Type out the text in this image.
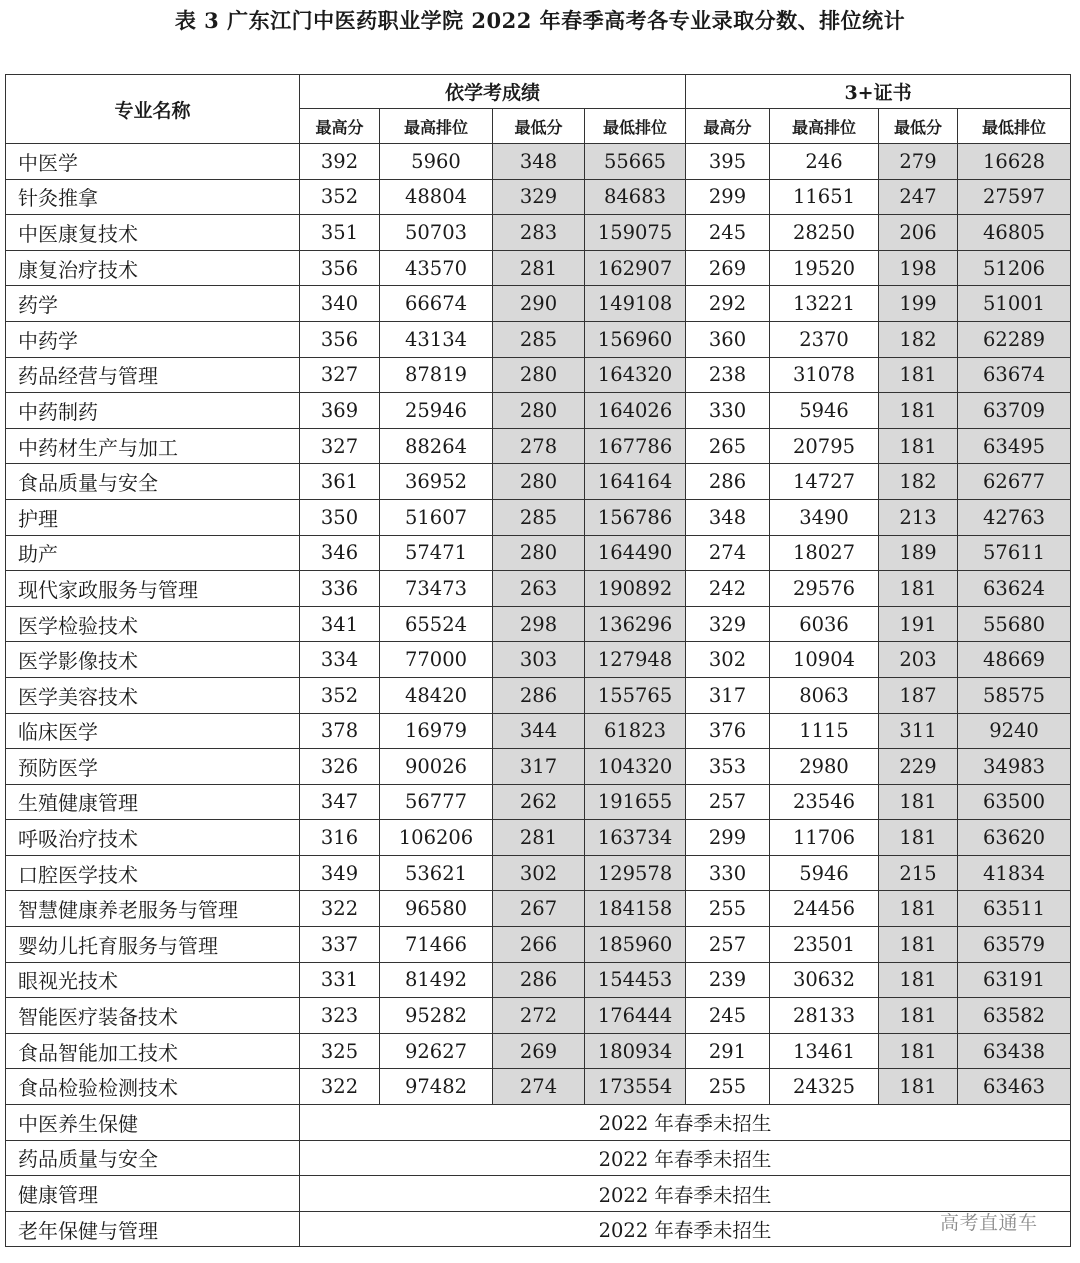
表 3 广东江门中医药职业学院 2022 年春季高考各专业录取分数、排位统计
专业名称	依学考成绩				3+证书			
	最高分	最高排位	最低分	最低排位	最高分	最高排位	最低分	最低排位
中医学	392	5960	348	55665	395	246	279	16628
针灸推拿	352	48804	329	84683	299	11651	247	27597
中医康复技术	351	50703	283	159075	245	28250	206	46805
康复治疗技术	356	43570	281	162907	269	19520	198	51206
药学	340	66674	290	149108	292	13221	199	51001
中药学	356	43134	285	156960	360	2370	182	62289
药品经营与管理	327	87819	280	164320	238	31078	181	63674
中药制药	369	25946	280	164026	330	5946	181	63709
中药材生产与加工	327	88264	278	167786	265	20795	181	63495
食品质量与安全	361	36952	280	164164	286	14727	182	62677
护理	350	51607	285	156786	348	3490	213	42763
助产	346	57471	280	164490	274	18027	189	57611
现代家政服务与管理	336	73473	263	190892	242	29576	181	63624
医学检验技术	341	65524	298	136296	329	6036	191	55680
医学影像技术	334	77000	303	127948	302	10904	203	48669
医学美容技术	352	48420	286	155765	317	8063	187	58575
临床医学	378	16979	344	61823	376	1115	311	9240
预防医学	326	90026	317	104320	353	2980	229	34983
生殖健康管理	347	56777	262	191655	257	23546	181	63500
呼吸治疗技术	316	106206	281	163734	299	11706	181	63620
口腔医学技术	349	53621	302	129578	330	5946	215	41834
智慧健康养老服务与管理	322	96580	267	184158	255	24456	181	63511
婴幼儿托育服务与管理	337	71466	266	185960	257	23501	181	63579
眼视光技术	331	81492	286	154453	239	30632	181	63191
智能医疗装备技术	323	95282	272	176444	245	28133	181	63582
食品智能加工技术	325	92627	269	180934	291	13461	181	63438
食品检验检测技术	322	97482	274	173554	255	24325	181	63463
中医养生保健	2022 年春季未招生							
药品质量与安全	2022 年春季未招生							
健康管理	2022 年春季未招生							
老年保健与管理	2022 年春季未招生								高考直通车
